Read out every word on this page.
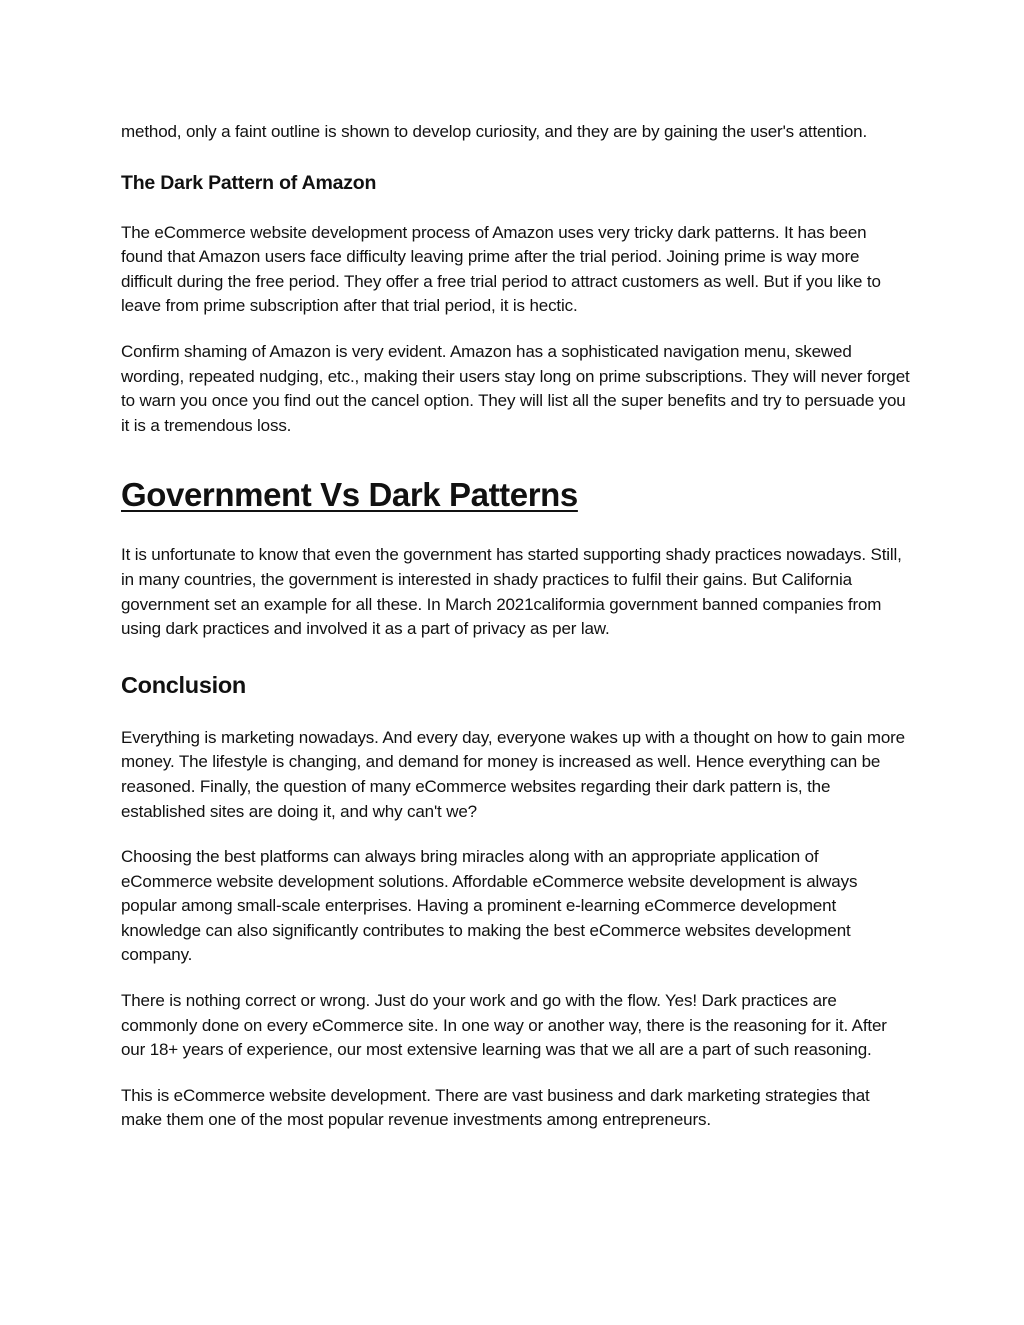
method, only a faint outline is shown to develop curiosity, and they are by gaining the user's attention.

The Dark Pattern of Amazon

The eCommerce website development process of Amazon uses very tricky dark patterns. It has been found that Amazon users face difficulty leaving prime after the trial period. Joining prime is way more difficult during the free period. They offer a free trial period to attract customers as well. But if you like to leave from prime subscription after that trial period, it is hectic.

Confirm shaming of Amazon is very evident. Amazon has a sophisticated navigation menu, skewed wording, repeated nudging, etc., making their users stay long on prime subscriptions. They will never forget to warn you once you find out the cancel option. They will list all the super benefits and try to persuade you it is a tremendous loss.

Government Vs Dark Patterns

It is unfortunate to know that even the government has started supporting shady practices nowadays. Still, in many countries, the government is interested in shady practices to fulfil their gains. But California government set an example for all these. In March 2021califormia government banned companies from using dark practices and involved it as a part of privacy as per law.

Conclusion

Everything is marketing nowadays. And every day, everyone wakes up with a thought on how to gain more money. The lifestyle is changing, and demand for money is increased as well. Hence everything can be reasoned. Finally, the question of many eCommerce websites regarding their dark pattern is, the established sites are doing it, and why can't we?

Choosing the best platforms can always bring miracles along with an appropriate application of eCommerce website development solutions. Affordable eCommerce website development is always popular among small-scale enterprises. Having a prominent e-learning eCommerce development knowledge can also significantly contributes to making the best eCommerce websites development company.

There is nothing correct or wrong. Just do your work and go with the flow. Yes! Dark practices are commonly done on every eCommerce site. In one way or another way, there is the reasoning for it. After our 18+ years of experience, our most extensive learning was that we all are a part of such reasoning.

This is eCommerce website development. There are vast business and dark marketing strategies that make them one of the most popular revenue investments among entrepreneurs.
